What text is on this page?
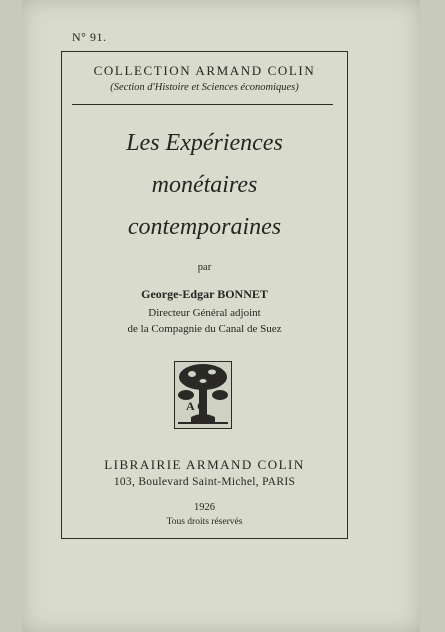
N° 91.
COLLECTION ARMAND COLIN
(Section d'Histoire et Sciences économiques)
Les Expériences
monétaires
contemporaines
par
George-Edgar BONNET
Directeur Général adjoint
de la Compagnie du Canal de Suez
A C
LIBRAIRIE ARMAND COLIN
103, Boulevard Saint-Michel, PARIS
1926
Tous droits réservés
